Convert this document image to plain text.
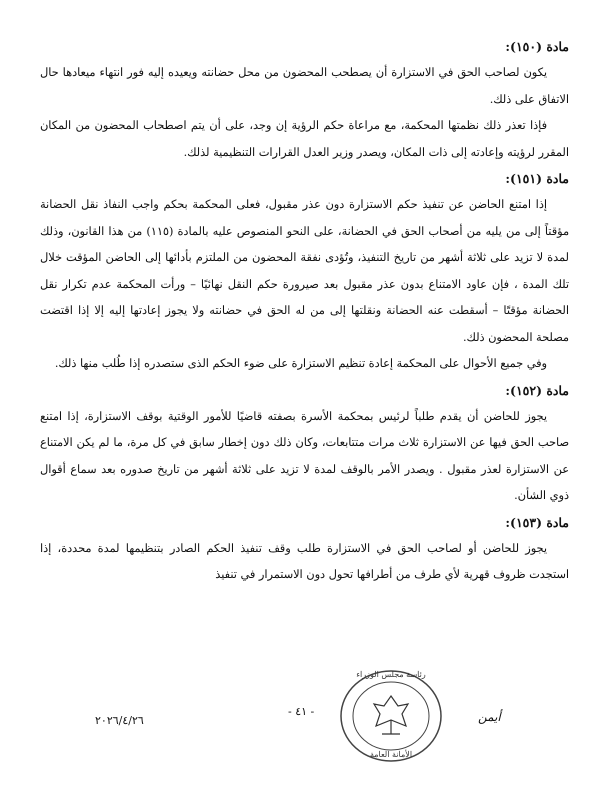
مادة (١٥٠):

يكون لصاحب الحق في الاستزارة أن يصطحب المحضون من محل حضانته ويعيده إليه فور انتهاء ميعادها حال الاتفاق على ذلك.

فإذا تعذر ذلك نظمتها المحكمة، مع مراعاة حكم الرؤية إن وجد، على أن يتم اصطحاب المحضون من المكان المقرر لرؤيته وإعادته إلى ذات المكان، ويصدر وزير العدل القرارات التنظيمية لذلك.

مادة (١٥١):

إذا امتنع الحاضن عن تنفيذ حكم الاستزارة دون عذر مقبول، فعلى المحكمة بحكم واجب النفاذ نقل الحضانة مؤقتاً إلى من يليه من أصحاب الحق في الحضانة، على النحو المنصوص عليه بالمادة (١١٥) من هذا القانون، وذلك لمدة لا تزيد على ثلاثة أشهر من تاريخ التنفيذ، وتُؤدى نفقة المحضون من الملتزم بأدائها إلى الحاضن المؤقت خلال تلك المدة ، فإن عاود الامتناع بدون عذر مقبول بعد صيرورة حكم النقل نهائيًا – ورأت المحكمة عدم تكرار نقل الحضانة مؤقتًا – أسقطت عنه الحضانة ونقلتها إلى من له الحق في حضانته ولا يجوز إعادتها إليه إلا إذا اقتضت مصلحة المحضون ذلك.

وفي جميع الأحوال على المحكمة إعادة تنظيم الاستزارة على ضوء الحكم الذى ستصدره إذا طُلب منها ذلك.

مادة (١٥٢):

يجوز للحاضن أن يقدم طلباً لرئيس بمحكمة الأسرة بصفته قاضيًا للأمور الوقتية بوقف الاستزارة، إذا امتنع صاحب الحق فيها عن الاستزارة ثلاث مرات متتابعات، وكان ذلك دون إخطار سابق في كل مرة، ما لم يكن الامتناع عن الاستزارة لعذر مقبول . ويصدر الأمر بالوقف لمدة لا تزيد على ثلاثة أشهر من تاريخ صدوره بعد سماع أقوال ذوي الشأن.

مادة (١٥٣):

يجوز للحاضن أو لصاحب الحق في الاستزارة طلب وقف تنفيذ الحكم الصادر بتنظيمها لمدة محددة، إذا استجدت ظروف قهرية لأي طرف من أطرافها تحول دون الاستمرار في تنفيذ

رئاسة مجلس الوزراء
الأمانة العامة
٢٠٢٦/٤/٢٦
- ٤١ -	أيمن
